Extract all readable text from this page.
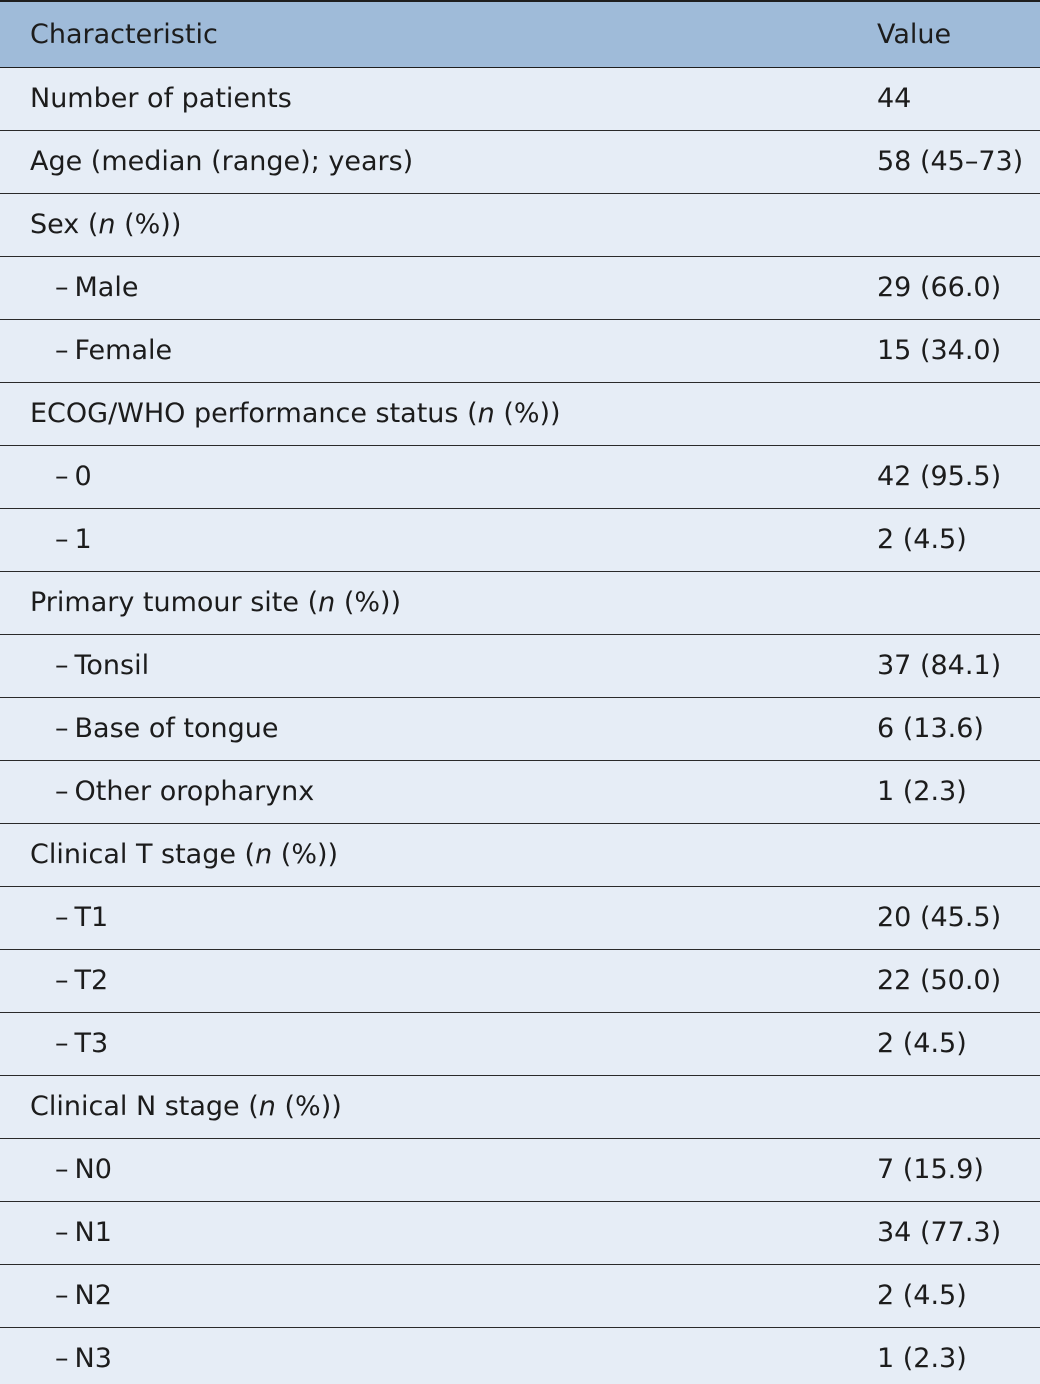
Characteristic	Value
Number of patients	44
Age (median (range); years)	58 (45–73)
Sex (n (%))	
– Male	29 (66.0)
– Female	15 (34.0)
ECOG/WHO performance status (n (%))	
– 0	42 (95.5)
– 1	2 (4.5)
Primary tumour site (n (%))	
– Tonsil	37 (84.1)
– Base of tongue	6 (13.6)
– Other oropharynx	1 (2.3)
Clinical T stage (n (%))	
– T1	20 (45.5)
– T2	22 (50.0)
– T3	2 (4.5)
Clinical N stage (n (%))	
– N0	7 (15.9)
– N1	34 (77.3)
– N2	2 (4.5)
– N3	1 (2.3)
